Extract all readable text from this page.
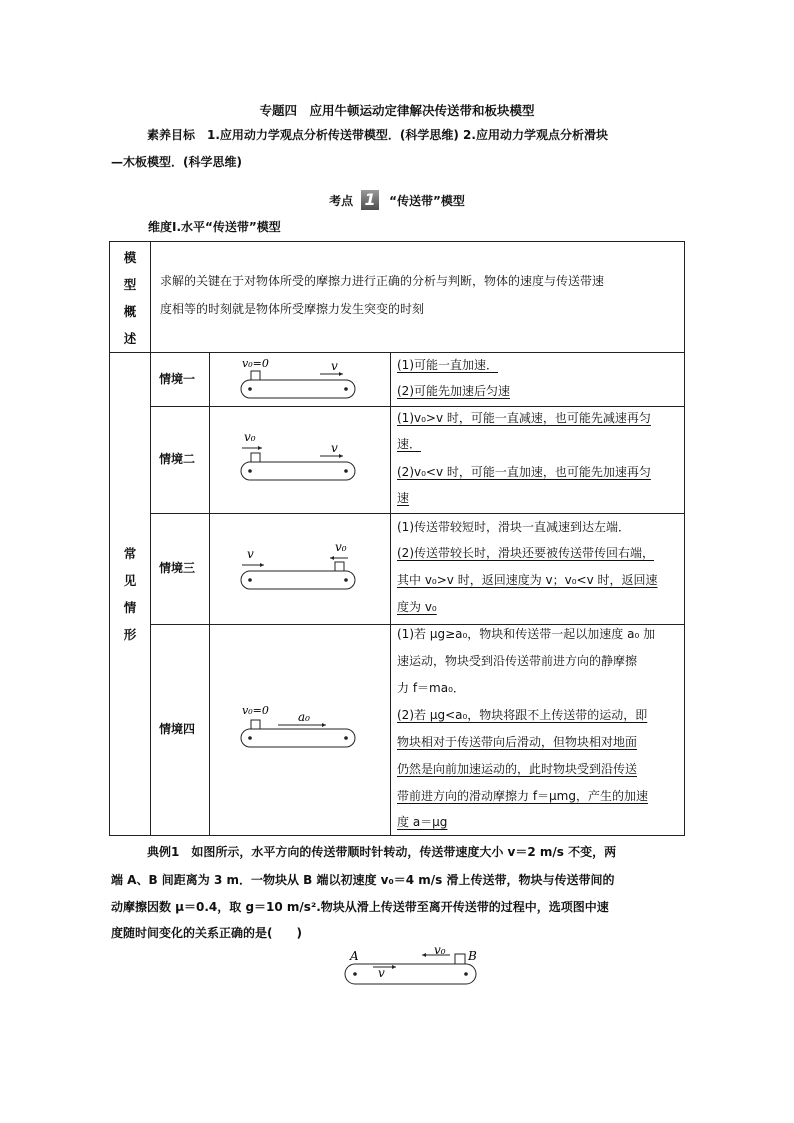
专题四　应用牛顿运动定律解决传送带和板块模型
素养目标　1.应用动力学观点分析传送带模型．(科学思维) 2.应用动力学观点分析滑块
—木板模型．(科学思维)
考点 1 “传送带”模型
维度Ⅰ.水平“传送带”模型
模
型
概
述
求解的关键在于对物体所受的摩擦力进行正确的分析与判断，物体的速度与传送带速
度相等的时刻就是物体所受摩擦力发生突变的时刻
常
见
情
形
情境一
情境二
情境三
情境四
(1)可能一直加速．
(2)可能先加速后匀速
(1)v₀>v 时，可能一直减速，也可能先减速再匀
速．
(2)v₀<v 时，可能一直加速，也可能先加速再匀
速
(1)传送带较短时，滑块一直减速到达左端．
(2)传送带较长时，滑块还要被传送带传回右端，
其中 v₀>v 时，返回速度为 v；v₀<v 时，返回速
度为 v₀
(1)若 μg≥a₀，物块和传送带一起以加速度 a₀ 加
速运动，物块受到沿传送带前进方向的静摩擦
力 f＝ma₀．
(2)若 μg<a₀，物块将跟不上传送带的运动，即
物块相对于传送带向后滑动，但物块相对地面
仍然是向前加速运动的，此时物块受到沿传送
带前进方向的滑动摩擦力 f＝μmg，产生的加速
度 a＝μg
v₀=0	v
v₀
v
v₀
v
v₀=0 a₀
典例1　如图所示，水平方向的传送带顺时针转动，传送带速度大小 v＝2 m/s 不变，两
端 A、B 间距离为 3 m．一物块从 B 端以初速度 v₀＝4 m/s 滑上传送带，物块与传送带间的
动摩擦因数 μ＝0.4，取 g＝10 m/s².物块从滑上传送带至离开传送带的过程中，选项图中速
度随时间变化的关系正确的是(　　)
A	B
v₀
v
